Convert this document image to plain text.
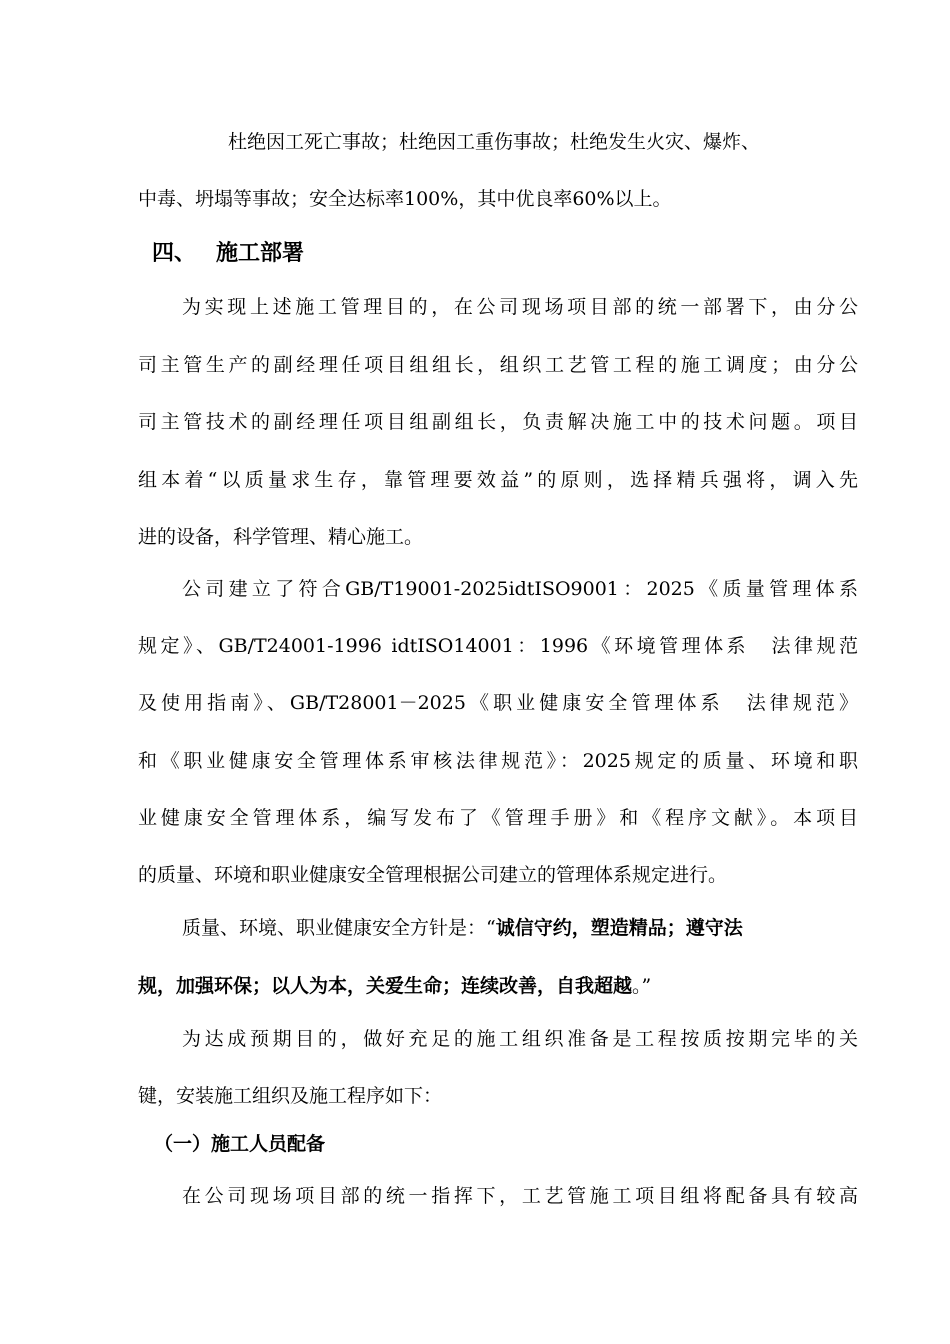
杜绝因工死亡事故；杜绝因工重伤事故；杜绝发生火灾、爆炸、
中毒、坍塌等事故；安全达标率100%，其中优良率60%以上。
四、 施工部署
为实现上述施工管理目的，在公司现场项目部的统一部署下，由分公
司主管生产的副经理任项目组组长，组织工艺管工程的施工调度；由分公
司主管技术的副经理任项目组副组长，负责解决施工中的技术问题。项目
组本着“以质量求生存，靠管理要效益”的原则，选择精兵强将，调入先
进的设备，科学管理、精心施工。
公司建立了符合GB/T19001-2025idtISO9001：2025《质量管理体系
规定》、GB/T24001-1996 idtISO14001：1996《环境管理体系　法律规范
及使用指南》、GB/T28001－2025《职业健康安全管理体系　法律规范》
和《职业健康安全管理体系审核法律规范》：2025规定的质量、环境和职
业健康安全管理体系，编写发布了《管理手册》和《程序文献》。本项目
的质量、环境和职业健康安全管理根据公司建立的管理体系规定进行。
质量、环境、职业健康安全方针是：“诚信守约，塑造精品；遵守法
规，加强环保；以人为本，关爱生命；连续改善，自我超越。”
为达成预期目的，做好充足的施工组织准备是工程按质按期完毕的关
键，安装施工组织及施工程序如下：
（一）施工人员配备
在公司现场项目部的统一指挥下，工艺管施工项目组将配备具有较高
